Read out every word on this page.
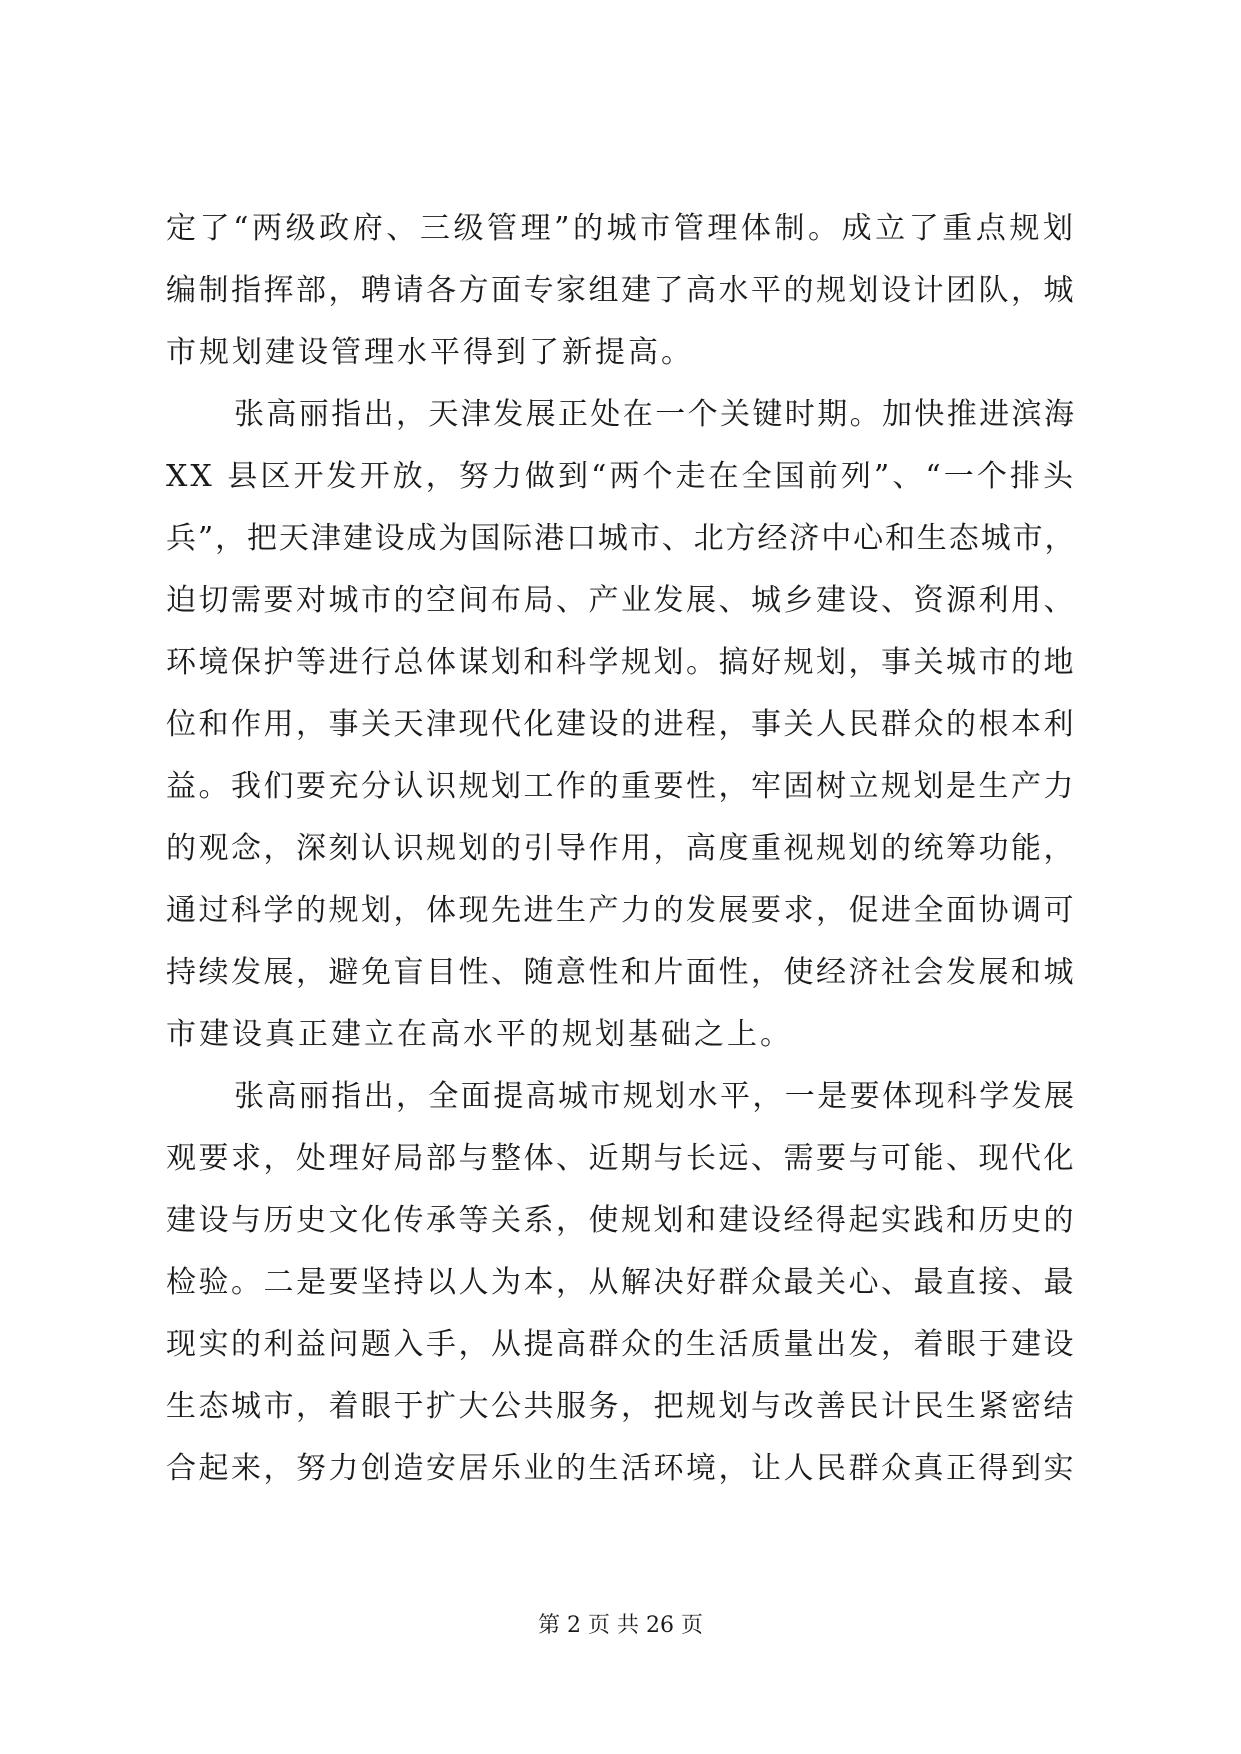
定了“两级政府、三级管理”的城市管理体制。成立了重点规划
编制指挥部，聘请各方面专家组建了高水平的规划设计团队，城
市规划建设管理水平得到了新提高。
张高丽指出，天津发展正处在一个关键时期。加快推进滨海
XX 县区开发开放，努力做到“两个走在全国前列”、“一个排头
兵”，把天津建设成为国际港口城市、北方经济中心和生态城市，
迫切需要对城市的空间布局、产业发展、城乡建设、资源利用、
环境保护等进行总体谋划和科学规划。搞好规划，事关城市的地
位和作用，事关天津现代化建设的进程，事关人民群众的根本利
益。我们要充分认识规划工作的重要性，牢固树立规划是生产力
的观念，深刻认识规划的引导作用，高度重视规划的统筹功能，
通过科学的规划，体现先进生产力的发展要求，促进全面协调可
持续发展，避免盲目性、随意性和片面性，使经济社会发展和城
市建设真正建立在高水平的规划基础之上。
张高丽指出，全面提高城市规划水平，一是要体现科学发展
观要求，处理好局部与整体、近期与长远、需要与可能、现代化
建设与历史文化传承等关系，使规划和建设经得起实践和历史的
检验。二是要坚持以人为本，从解决好群众最关心、最直接、最
现实的利益问题入手，从提高群众的生活质量出发，着眼于建设
生态城市，着眼于扩大公共服务，把规划与改善民计民生紧密结
合起来，努力创造安居乐业的生活环境，让人民群众真正得到实
第 2 页 共 26 页
